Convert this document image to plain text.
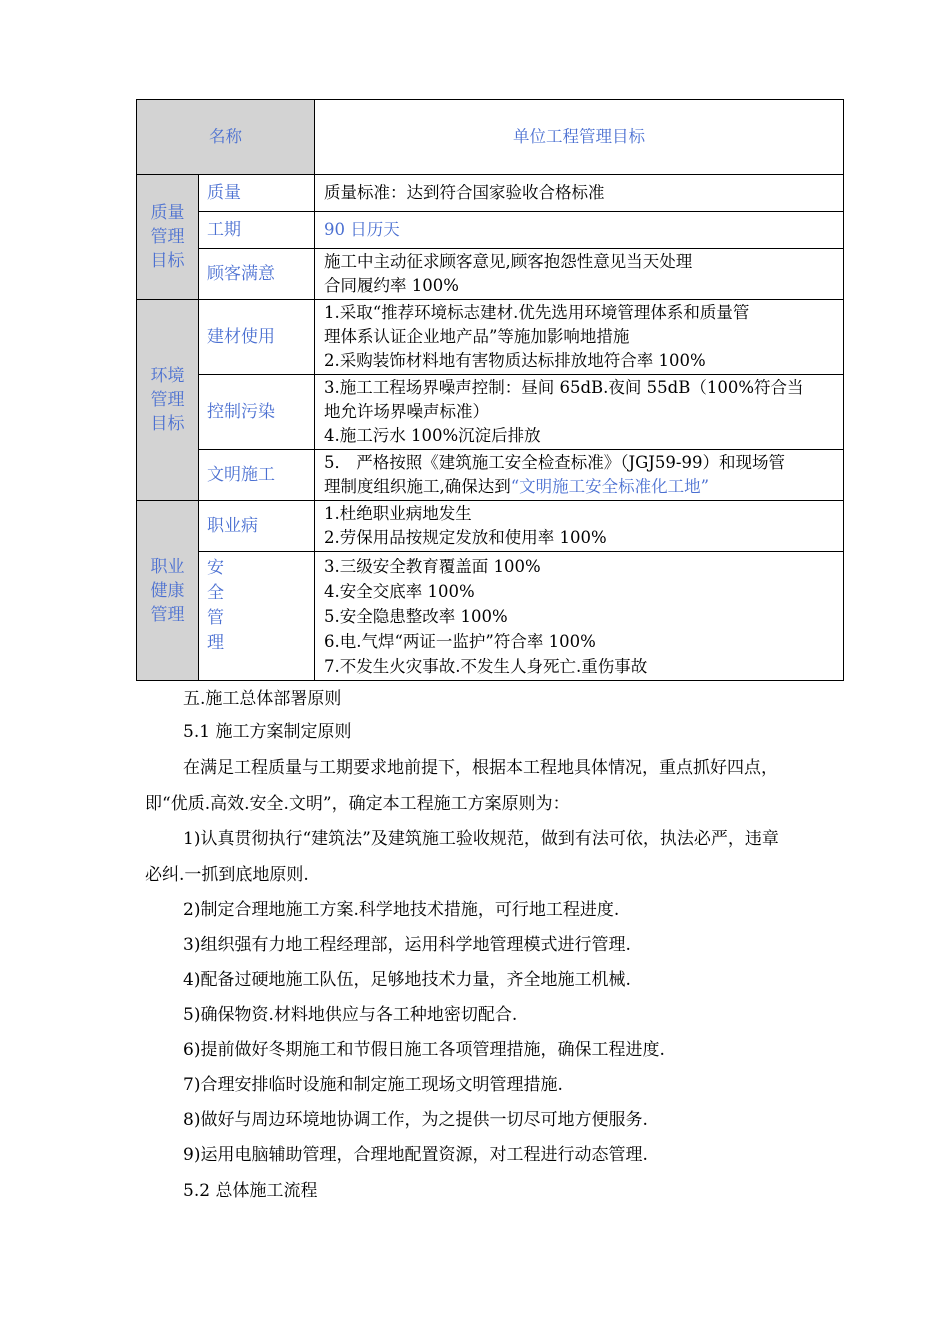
名称		单位工程管理目标

质量
管理
目标	质量	质量标准：达到符合国家验收合格标准

	工期	90 日历天

	顾客满意	施工中主动征求顾客意见,顾客抱怨性意见当天处理
合同履约率 100%

环境
管理
目标	建材使用	1.采取“推荐环境标志建材.优先选用环境管理体系和质量管
理体系认证企业地产品”等施加影响地措施
2.采购装饰材料地有害物质达标排放地符合率 100%

	控制污染	3.施工工程场界噪声控制：昼间 65dB.夜间 55dB（100%符合当
地允许场界噪声标准）
4.施工污水 100%沉淀后排放

	文明施工	5． 严格按照《建筑施工安全检查标准》（JGJ59-99）和现场管
理制度组织施工,确保达到“文明施工安全标准化工地”

职业
健康
管理	职业病	1.杜绝职业病地发生
2.劳保用品按规定发放和使用率 100%

	安
全
管
理	3.三级安全教育覆盖面 100%
4.安全交底率 100%
5.安全隐患整改率 100%
6.电.气焊“两证一监护”符合率 100%
7.不发生火灾事故.不发生人身死亡.重伤事故
五.施工总体部署原则
5.1 施工方案制定原则
在满足工程质量与工期要求地前提下，根据本工程地具体情况，重点抓好四点，
即“优质.高效.安全.文明”，确定本工程施工方案原则为：
1)认真贯彻执行“建筑法”及建筑施工验收规范，做到有法可依，执法必严，违章
必纠.一抓到底地原则.
2)制定合理地施工方案.科学地技术措施，可行地工程进度.
3)组织强有力地工程经理部，运用科学地管理模式进行管理.
4)配备过硬地施工队伍，足够地技术力量，齐全地施工机械.
5)确保物资.材料地供应与各工种地密切配合.
6)提前做好冬期施工和节假日施工各项管理措施，确保工程进度.
7)合理安排临时设施和制定施工现场文明管理措施.
8)做好与周边环境地协调工作，为之提供一切尽可地方便服务.
9)运用电脑辅助管理，合理地配置资源，对工程进行动态管理.
5.2 总体施工流程
